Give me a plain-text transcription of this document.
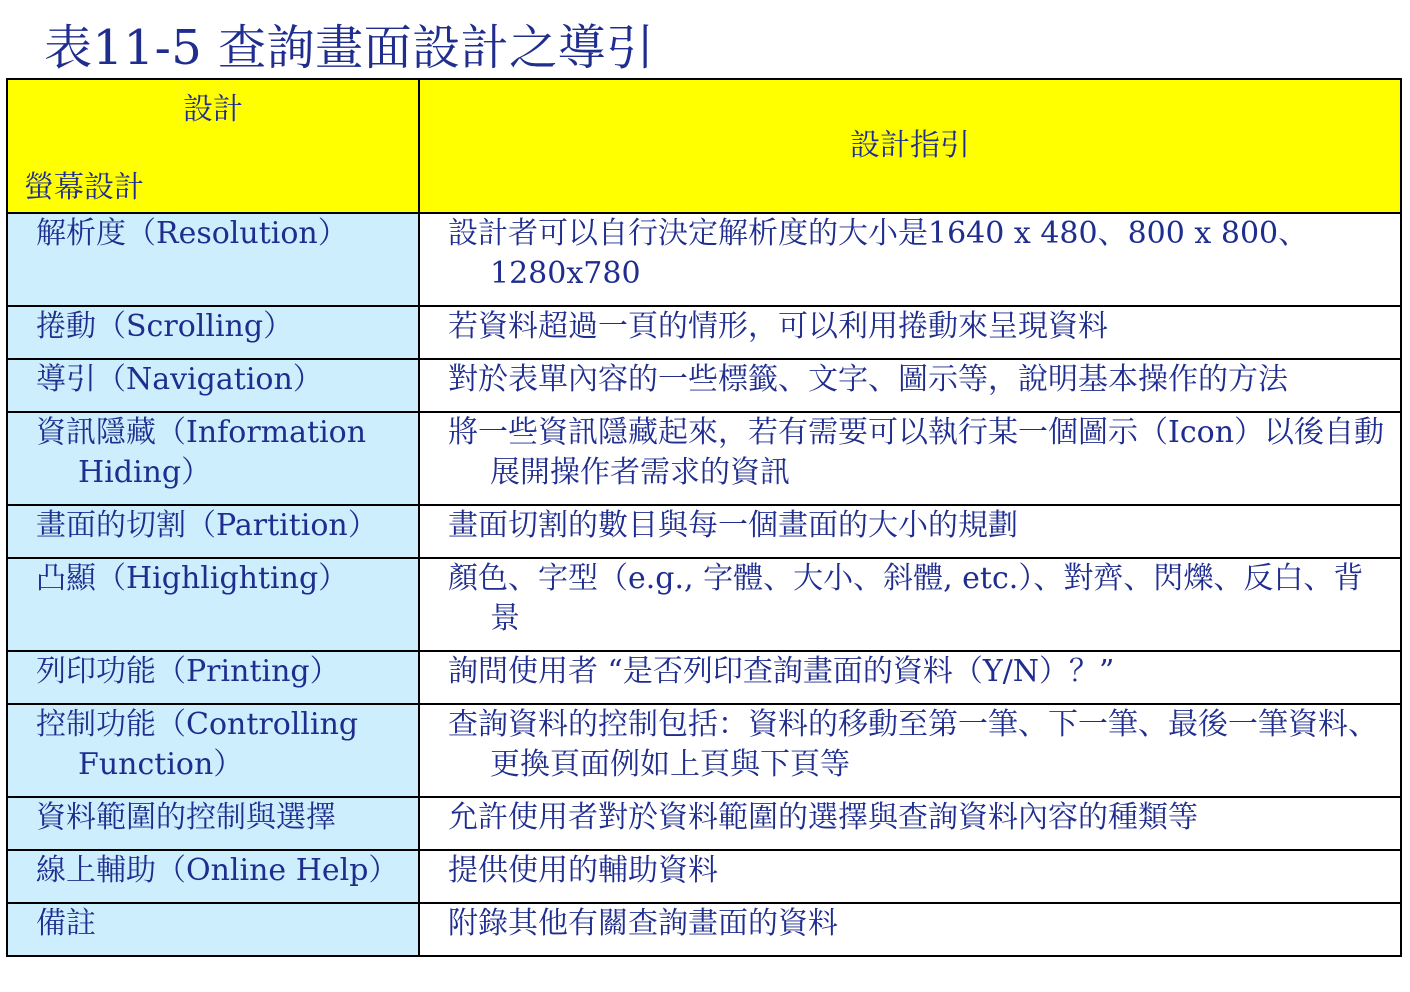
表11-5 查詢畫面設計之導引
設計
螢幕設計	設計指引

解析度（Resolution）	設計者可以自行決定解析度的大小是1640 x 480、800 x 800、1280x780

捲動（Scrolling）	若資料超過一頁的情形，可以利用捲動來呈現資料

導引（Navigation）	對於表單內容的一些標籤、文字、圖示等，說明基本操作的方法

資訊隱藏（Information Hiding）	將一些資訊隱藏起來，若有需要可以執行某一個圖示（Icon）以後自動展開操作者需求的資訊

畫面的切割（Partition）	畫面切割的數目與每一個畫面的大小的規劃

凸顯（Highlighting）	顏色、字型（e.g., 字體、大小、斜體, etc.）、對齊、閃爍、反白、背景

列印功能（Printing）	詢問使用者 “是否列印查詢畫面的資料（Y/N）？”

控制功能（Controlling Function）	查詢資料的控制包括：資料的移動至第一筆、下一筆、最後一筆資料、更換頁面例如上頁與下頁等

資料範圍的控制與選擇	允許使用者對於資料範圍的選擇與查詢資料內容的種類等

線上輔助（Online Help）	提供使用的輔助資料

備註	附錄其他有關查詢畫面的資料
